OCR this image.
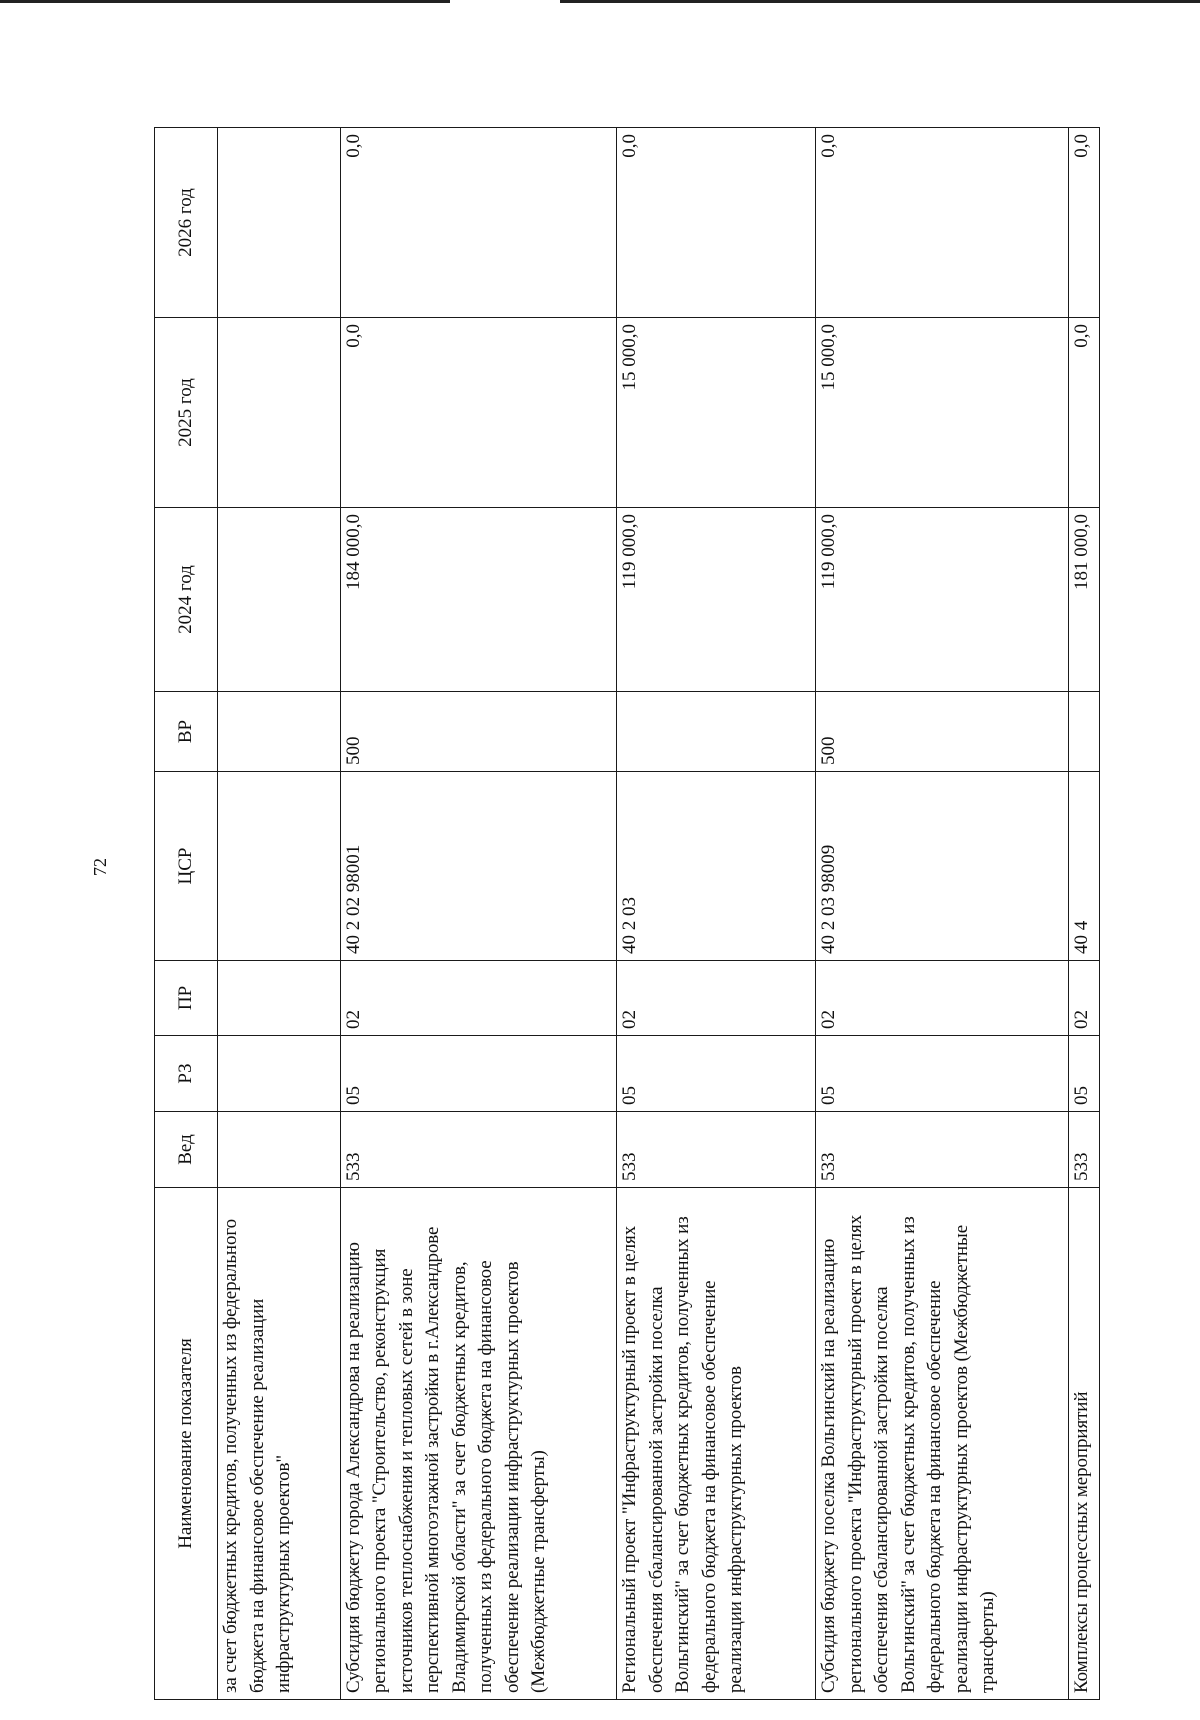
72
Наименование показателя	Вед	РЗ	ПР	ЦСР	ВР	2024 год	2025 год	2026 год
за счет бюджетных кредитов, полученных из федерального бюджета на финансовое обеспечение реализации инфраструктурных проектов"								
Субсидия бюджету города Александрова на реализацию регионального проекта "Строительство, реконструкция источников теплоснабжения и тепловых сетей в зоне перспективной многоэтажной застройки в г.Александрове Владимирской области" за счет бюджетных кредитов, полученных из федерального бюджета на финансовое обеспечение реализации инфраструктурных проектов (Межбюджетные трансферты)	533	05	02	40 2 02 98001	500	184 000,0	0,0	0,0
Региональный проект "Инфраструктурный проект в целях обеспечения сбалансированной застройки поселка Вольгинский" за счет бюджетных кредитов, полученных из федерального бюджета на финансовое обеспечение реализации инфраструктурных проектов	533	05	02	40 2 03		119 000,0	15 000,0	0,0
Субсидия бюджету поселка Вольгинский на реализацию регионального проекта "Инфраструктурный проект в целях обеспечения сбалансированной застройки поселка Вольгинский" за счет бюджетных кредитов, полученных из федерального бюджета на финансовое обеспечение реализации инфраструктурных проектов (Межбюджетные трансферты)	533	05	02	40 2 03 98009	500	119 000,0	15 000,0	0,0
Комплексы процессных мероприятий	533	05	02	40 4		181 000,0	0,0	0,0
